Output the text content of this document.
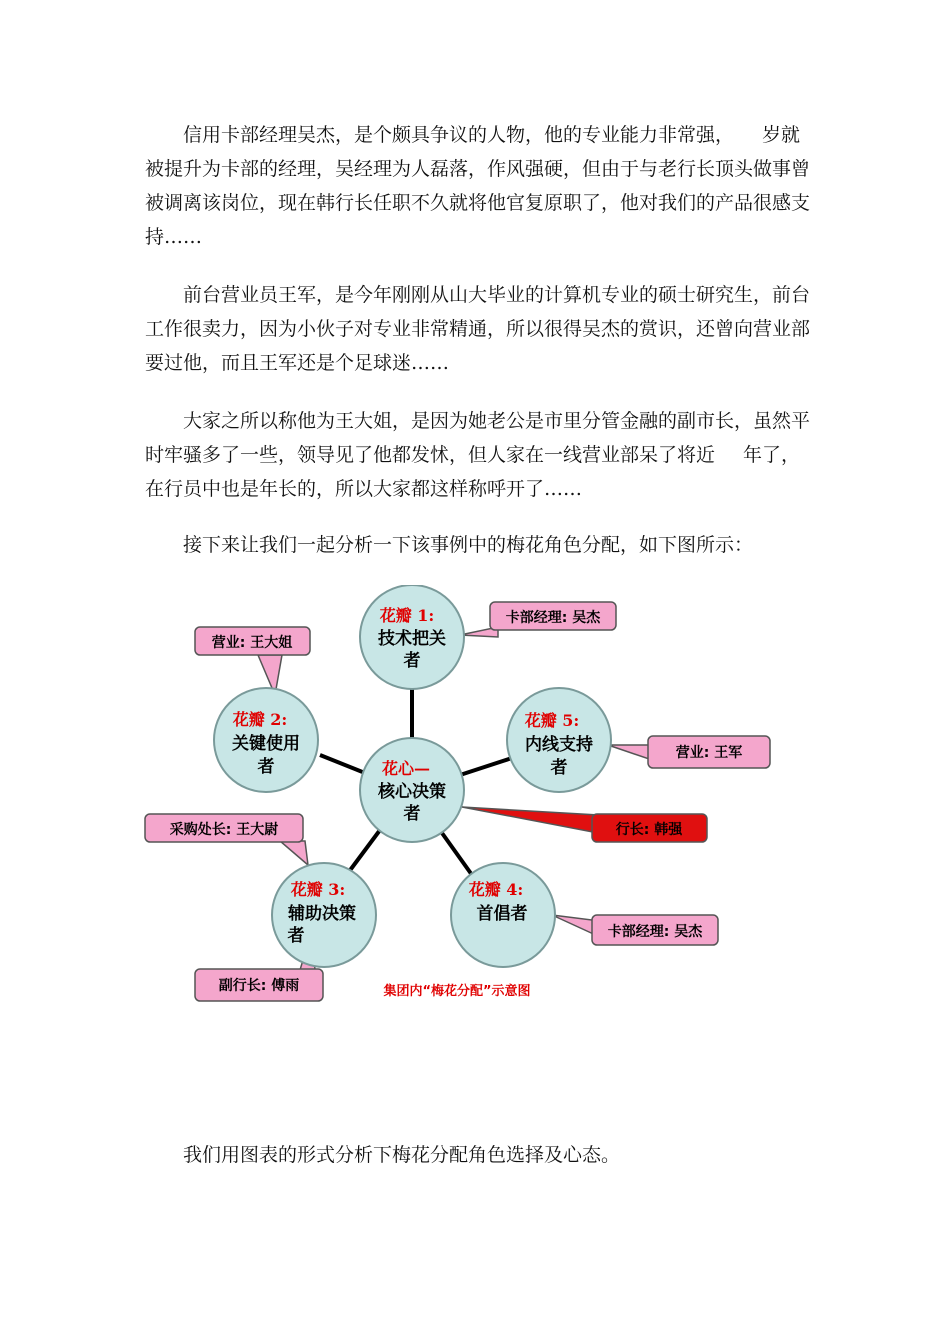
信用卡部经理吴杰，是个颇具争议的人物，他的专业能力非常强， 岁就被提升为卡部的经理，吴经理为人磊落，作风强硬，但由于与老行长顶头做事曾被调离该岗位，现在韩行长任职不久就将他官复原职了，他对我们的产品很感支持……

前台营业员王军，是今年刚刚从山大毕业的计算机专业的硕士研究生，前台工作很卖力，因为小伙子对专业非常精通，所以很得吴杰的赏识，还曾向营业部要过他，而且王军还是个足球迷……

大家之所以称他为王大姐，是因为她老公是市里分管金融的副市长，虽然平时牢骚多了一些，领导见了他都发怵，但人家在一线营业部呆了将近 年了，在行员中也是年长的，所以大家都这样称呼开了……

接下来让我们一起分析一下该事例中的梅花角色分配，如下图所示：

卡部经理: 吴杰
营业: 王大姐
营业: 王军
行长: 韩强
采购处长: 王大尉
副行长: 傅雨
卡部经理: 吴杰
花瓣 1:
技术把关
者
花瓣 2:
关键使用
者
花瓣 5:
内线支持
者
花心—
核心决策
者
花瓣 3:
辅助决策
者
花瓣 4:
首倡者
集团内“梅花分配”示意图

我们用图表的形式分析下梅花分配角色选择及心态。
